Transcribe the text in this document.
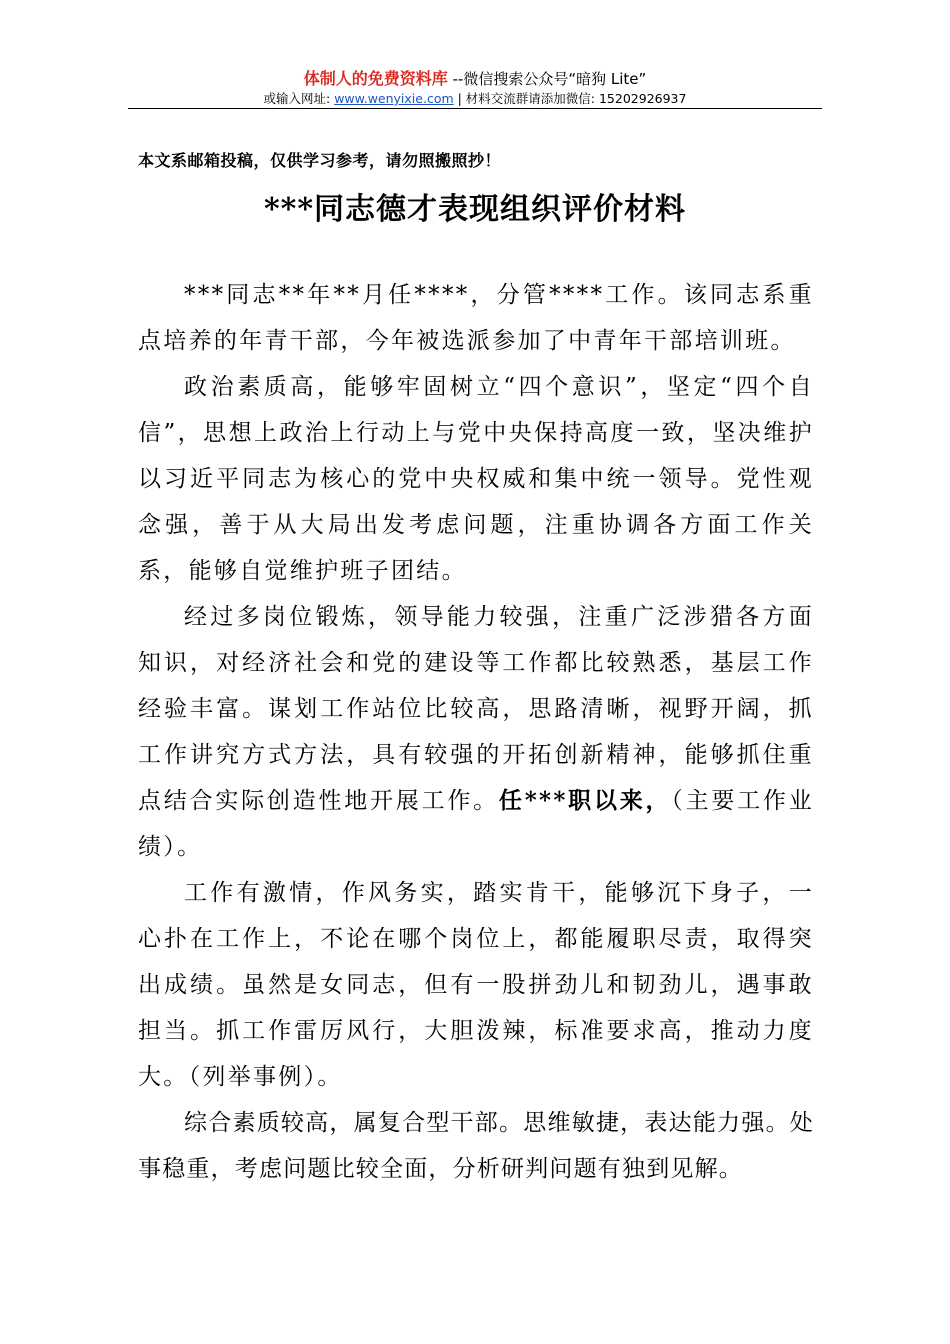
体制人的免费资料库 --微信搜索公众号“暗狗 Lite”
或输入网址: www.wenyixie.com | 材料交流群请添加微信: 15202926937
本文系邮箱投稿，仅供学习参考，请勿照搬照抄！
***同志德才表现组织评价材料

***同志**年**月任****，分管****工作。该同志系重点培养的年青干部，今年被选派参加了中青年干部培训班。

政治素质高，能够牢固树立“四个意识”，坚定“四个自信”，思想上政治上行动上与党中央保持高度一致，坚决维护以习近平同志为核心的党中央权威和集中统一领导。党性观念强，善于从大局出发考虑问题，注重协调各方面工作关系，能够自觉维护班子团结。

经过多岗位锻炼，领导能力较强，注重广泛涉猎各方面知识，对经济社会和党的建设等工作都比较熟悉，基层工作经验丰富。谋划工作站位比较高，思路清晰，视野开阔，抓工作讲究方式方法，具有较强的开拓创新精神，能够抓住重点结合实际创造性地开展工作。任***职以来，（主要工作业绩）。

工作有激情，作风务实，踏实肯干，能够沉下身子，一心扑在工作上，不论在哪个岗位上，都能履职尽责，取得突出成绩。虽然是女同志，但有一股拼劲儿和韧劲儿，遇事敢担当。抓工作雷厉风行，大胆泼辣，标准要求高，推动力度大。（列举事例）。

综合素质较高，属复合型干部。思维敏捷，表达能力强。处事稳重，考虑问题比较全面，分析研判问题有独到见解。
